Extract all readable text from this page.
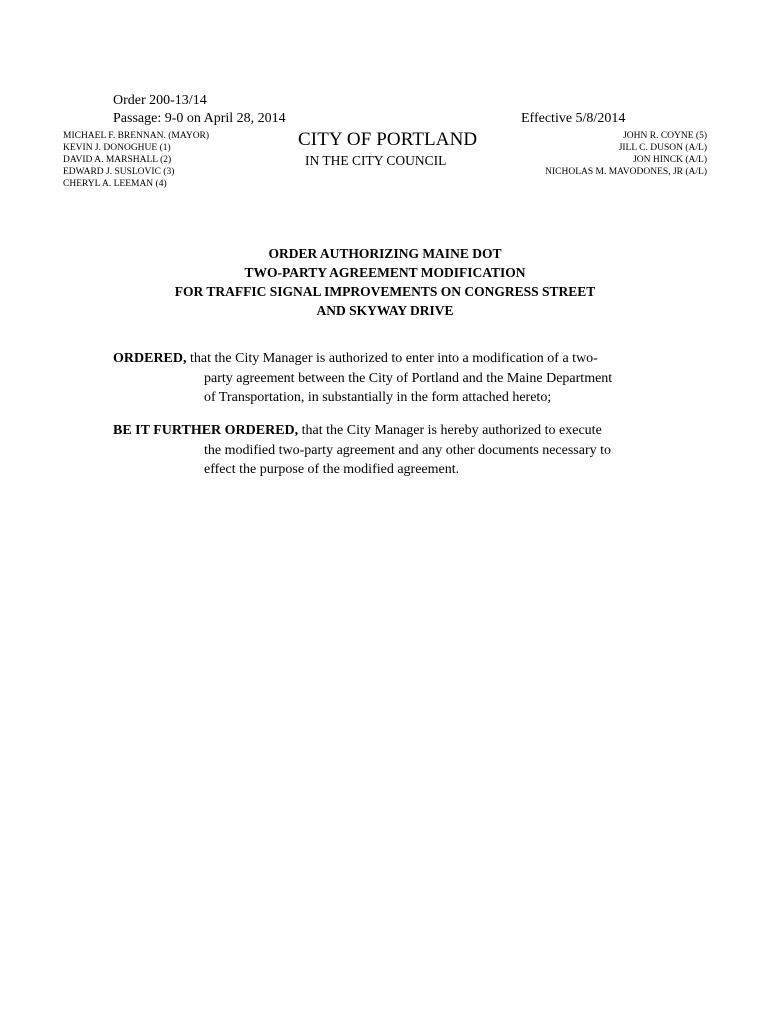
Order 200-13/14
Passage: 9-0 on April 28, 2014	Effective 5/8/2014
MICHAEL F. BRENNAN. (MAYOR)
KEVIN J. DONOGHUE (1)
DAVID A. MARSHALL (2)
EDWARD J. SUSLOVIC (3)
CHERYL A. LEEMAN (4)
CITY OF PORTLAND
IN THE CITY COUNCIL
JOHN R. COYNE (5)
JILL C. DUSON (A/L)
JON HINCK (A/L)
NICHOLAS M. MAVODONES, JR (A/L)
ORDER AUTHORIZING MAINE DOT
TWO-PARTY AGREEMENT MODIFICATION
FOR TRAFFIC SIGNAL IMPROVEMENTS ON CONGRESS STREET
AND SKYWAY DRIVE
ORDERED, that the City Manager is authorized to enter into a modification of a two-
party agreement between the City of Portland and the Maine Department
of Transportation, in substantially in the form attached hereto;
BE IT FURTHER ORDERED, that the City Manager is hereby authorized to execute
the modified two-party agreement and any other documents necessary to
effect the purpose of the modified agreement.
